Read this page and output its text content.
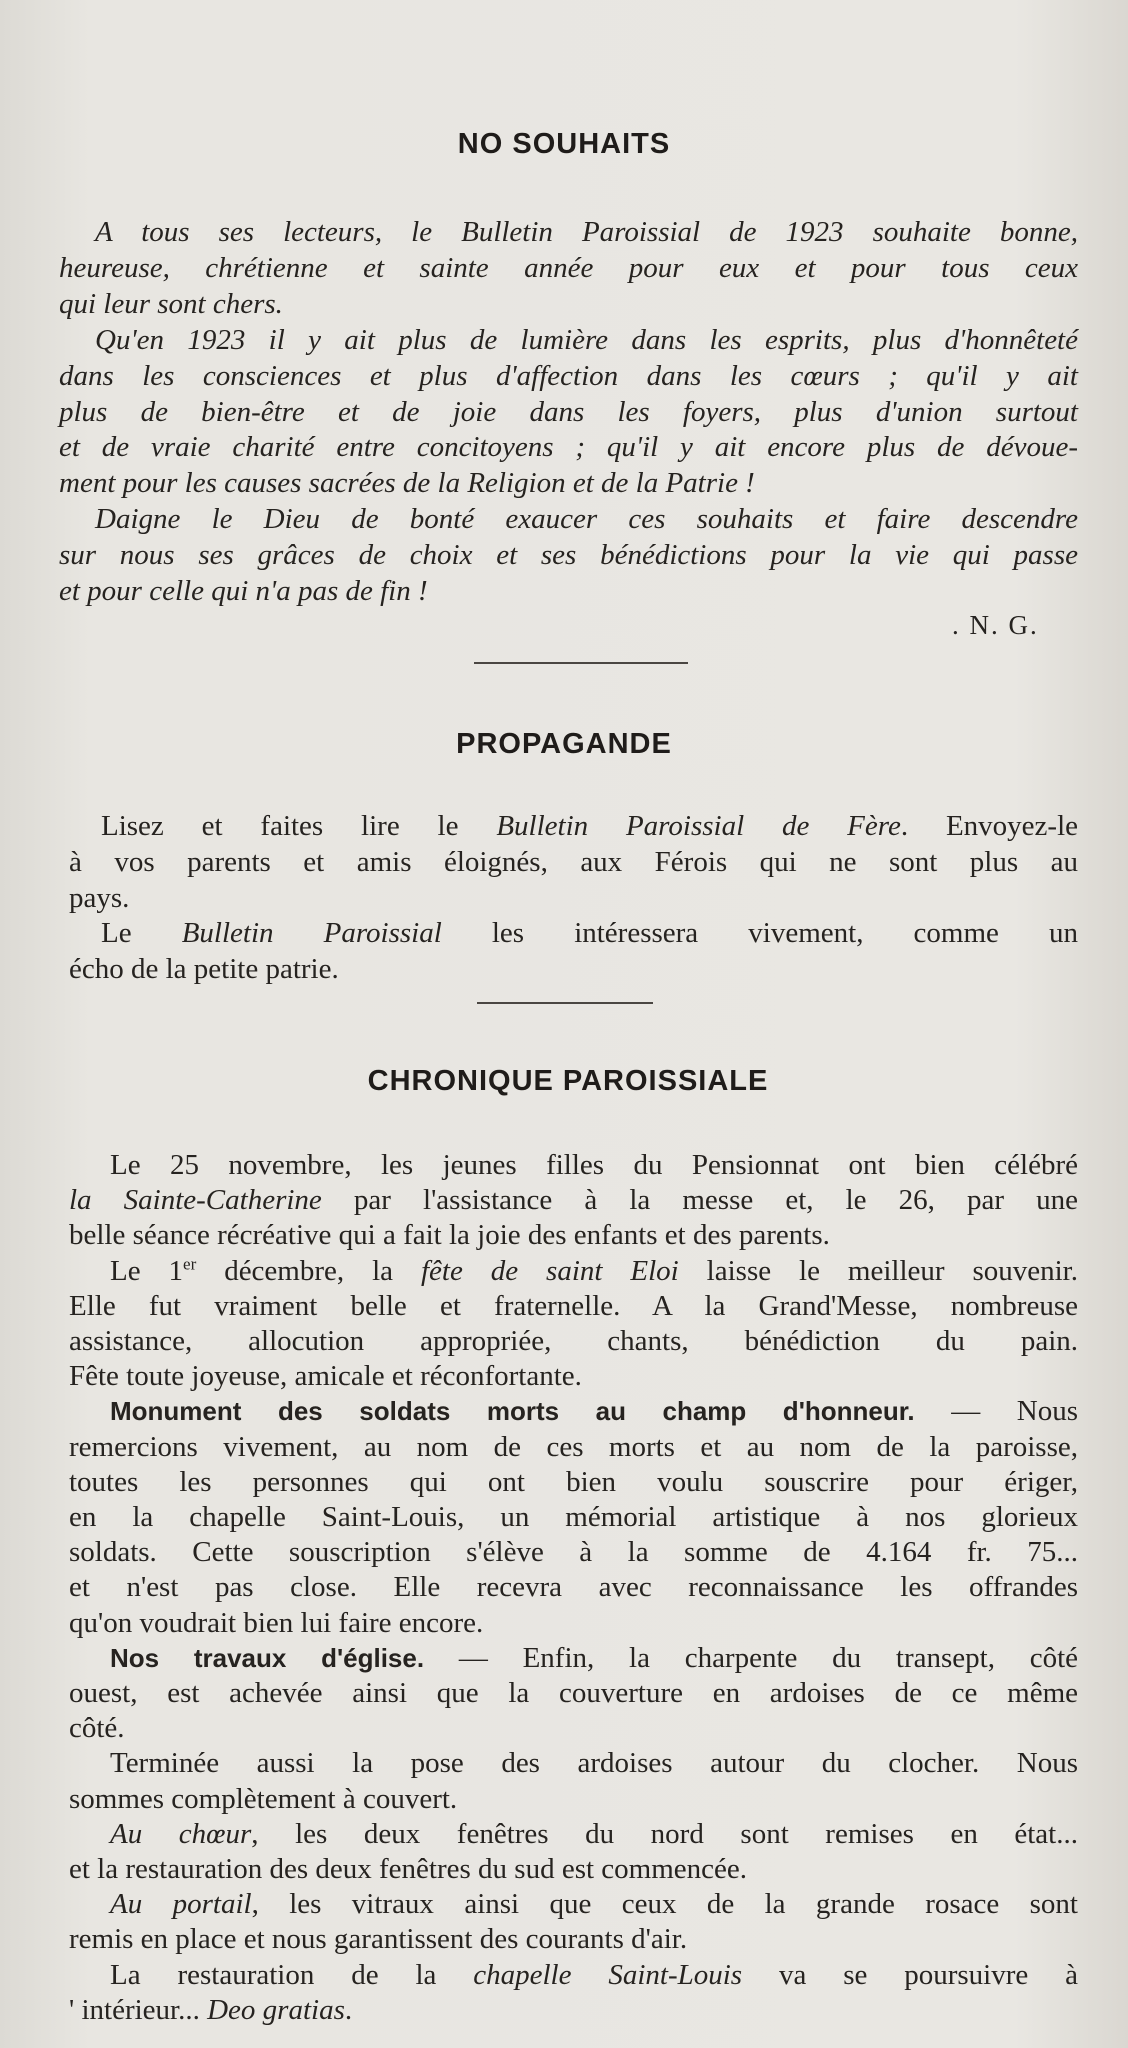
NO SOUHAITS
A tous ses lecteurs, le Bulletin Paroissial de 1923 souhaite bonne,
heureuse, chrétienne et sainte année pour eux et pour tous ceux
qui leur sont chers.
Qu'en 1923 il y ait plus de lumière dans les esprits, plus d'honnêteté
dans les consciences et plus d'affection dans les cœurs ; qu'il y ait
plus de bien-être et de joie dans les foyers, plus d'union surtout
et de vraie charité entre concitoyens ; qu'il y ait encore plus de dévoue-
ment pour les causes sacrées de la Religion et de la Patrie !
Daigne le Dieu de bonté exaucer ces souhaits et faire descendre
sur nous ses grâces de choix et ses bénédictions pour la vie qui passe
et pour celle qui n'a pas de fin !
. N. G.
PROPAGANDE
Lisez et faites lire le Bulletin Paroissial de Fère. Envoyez-le
à vos parents et amis éloignés, aux Férois qui ne sont plus au
pays.
Le Bulletin Paroissial les intéressera vivement, comme un
écho de la petite patrie.
CHRONIQUE PAROISSIALE
Le 25 novembre, les jeunes filles du Pensionnat ont bien célébré
la Sainte-Catherine par l'assistance à la messe et, le 26, par une
belle séance récréative qui a fait la joie des enfants et des parents.
Le 1er décembre, la fête de saint Eloi laisse le meilleur souvenir.
Elle fut vraiment belle et fraternelle. A la Grand'Messe, nombreuse
assistance, allocution appropriée, chants, bénédiction du pain.
Fête toute joyeuse, amicale et réconfortante.
Monument des soldats morts au champ d'honneur. — Nous
remercions vivement, au nom de ces morts et au nom de la paroisse,
toutes les personnes qui ont bien voulu souscrire pour ériger,
en la chapelle Saint-Louis, un mémorial artistique à nos glorieux
soldats. Cette souscription s'élève à la somme de 4.164 fr. 75...
et n'est pas close. Elle recevra avec reconnaissance les offrandes
qu'on voudrait bien lui faire encore.
Nos travaux d'église. — Enfin, la charpente du transept, côté
ouest, est achevée ainsi que la couverture en ardoises de ce même
côté.
Terminée aussi la pose des ardoises autour du clocher. Nous
sommes complètement à couvert.
Au chœur, les deux fenêtres du nord sont remises en état...
et la restauration des deux fenêtres du sud est commencée.
Au portail, les vitraux ainsi que ceux de la grande rosace sont
remis en place et nous garantissent des courants d'air.
La restauration de la chapelle Saint-Louis va se poursuivre à
' intérieur... Deo gratias.
